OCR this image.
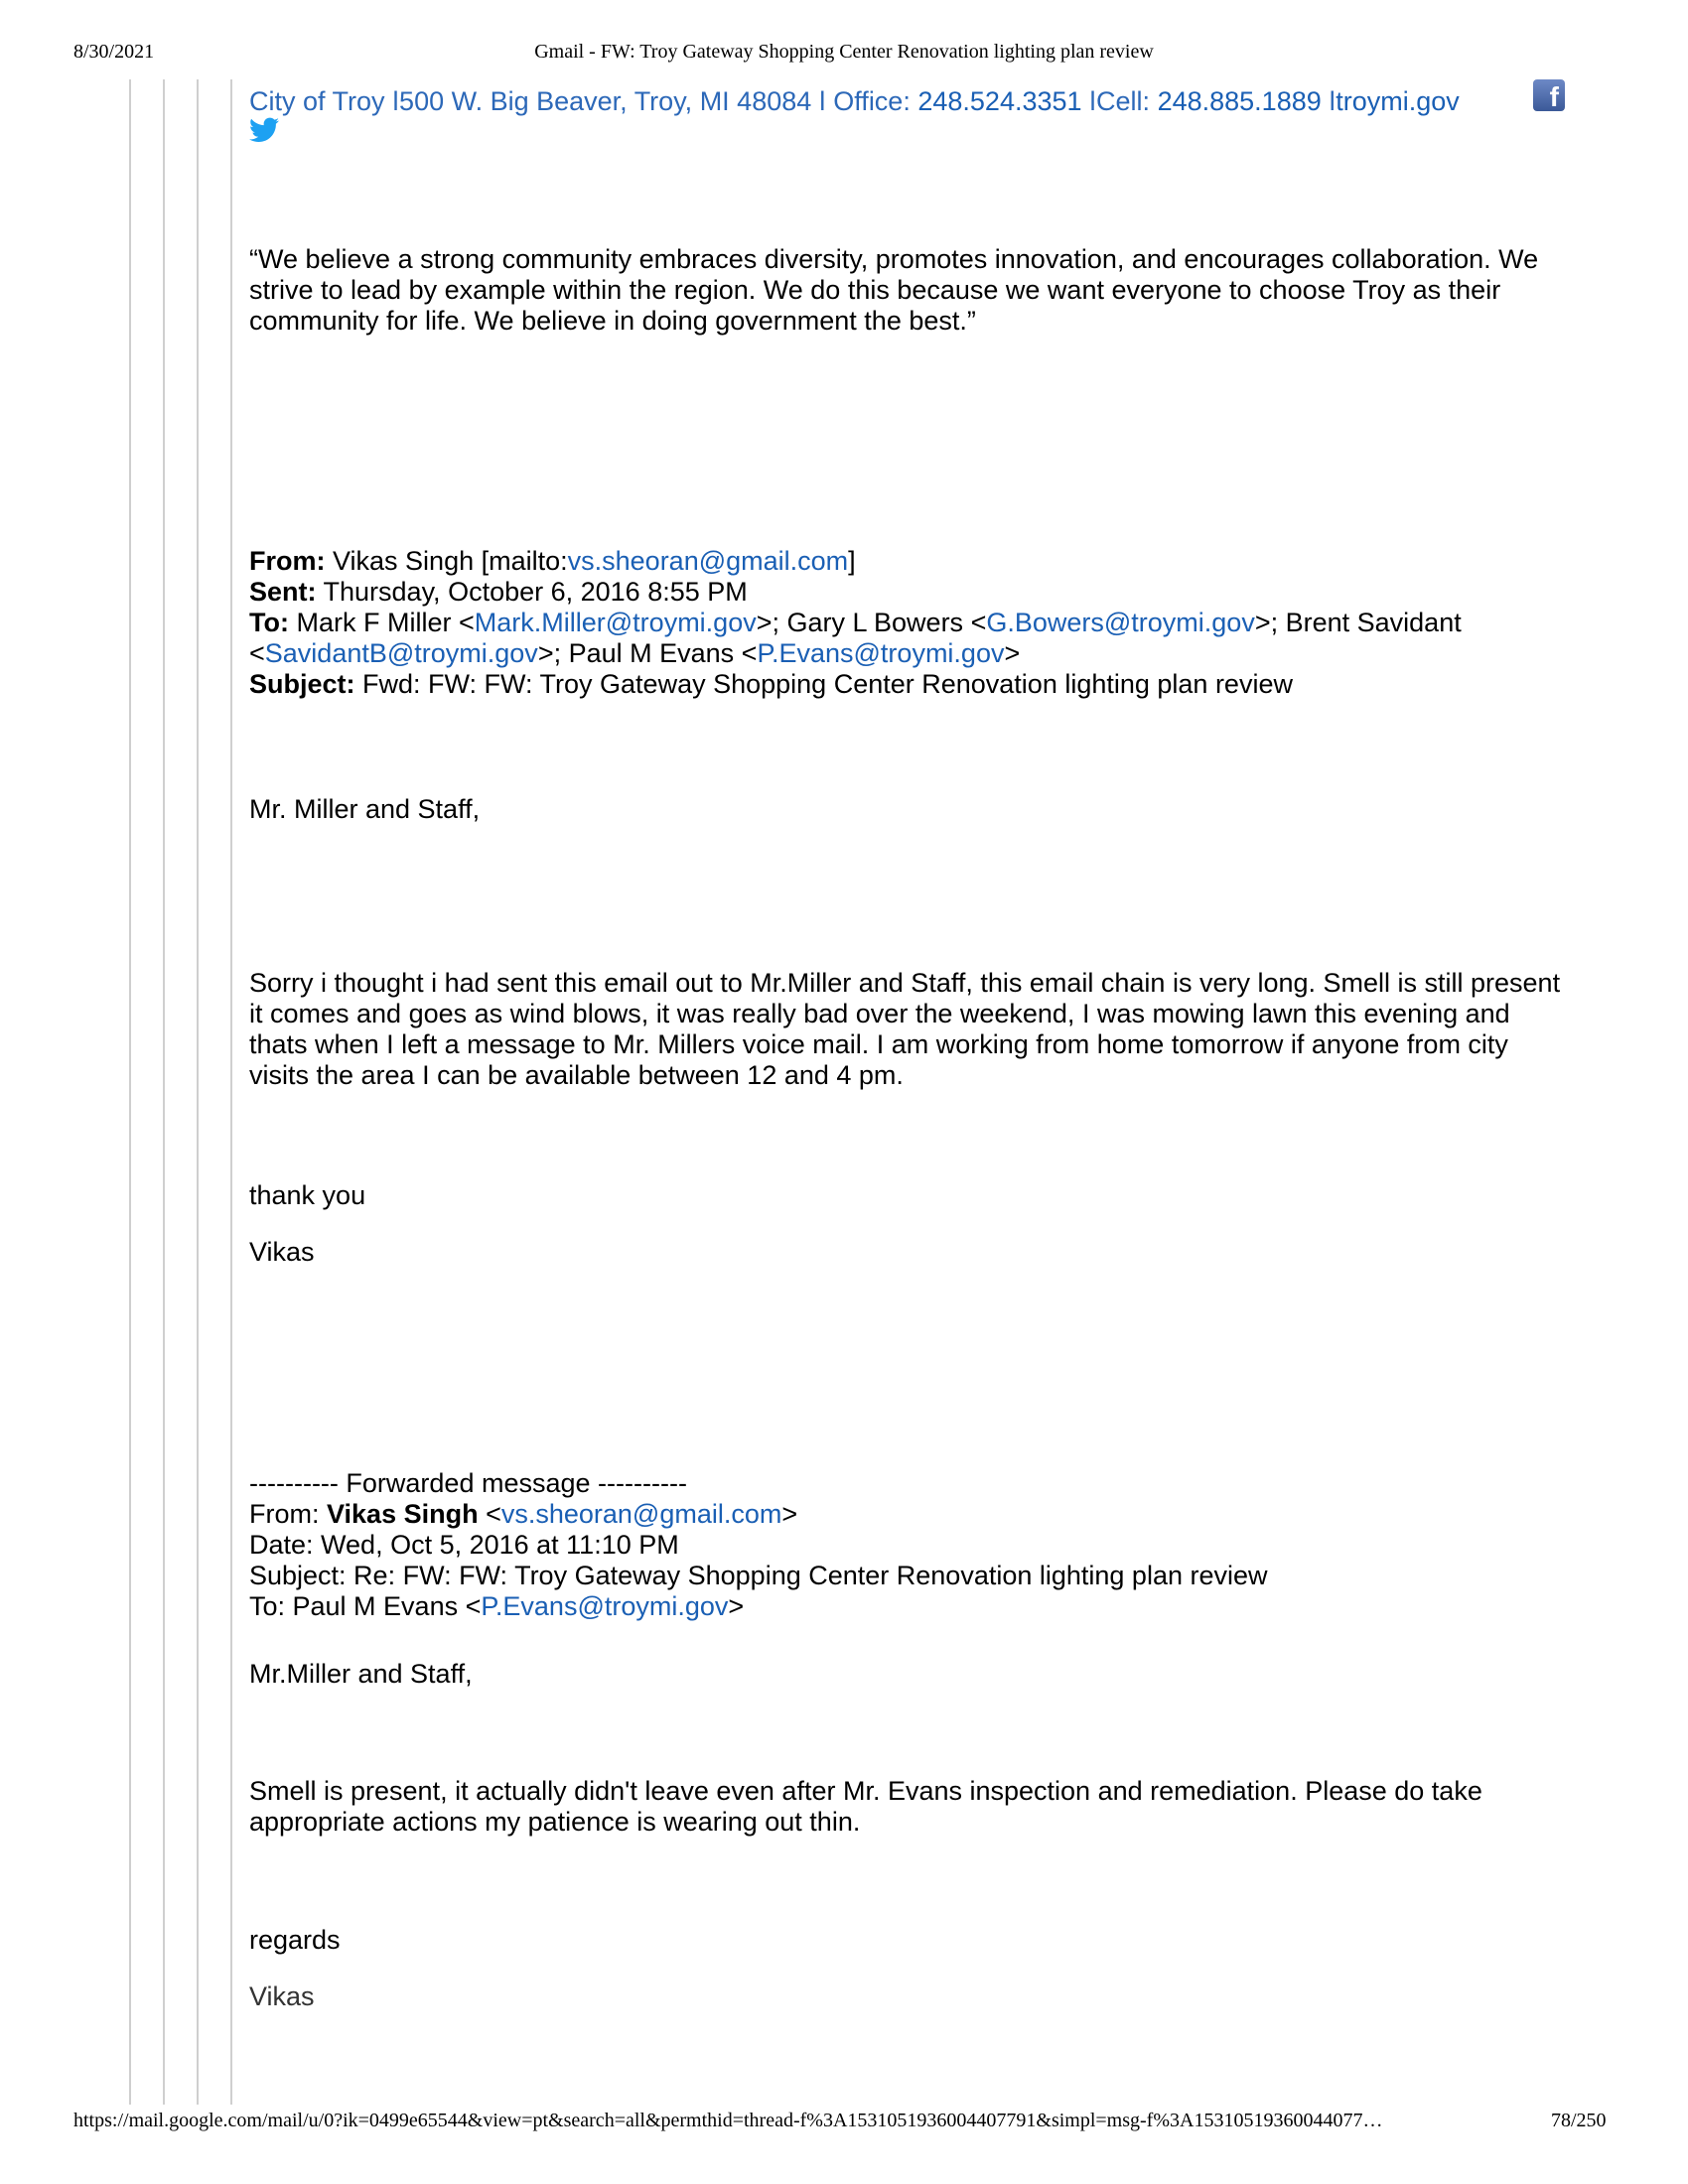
8/30/2021	Gmail - FW: Troy Gateway Shopping Center Renovation lighting plan review
City of Troy ǀ500 W. Big Beaver, Troy, MI 48084 ǀ Office: 248.524.3351 ǀCell: 248.885.1889 ǀtroymi.gov	f
“We believe a strong community embraces diversity, promotes innovation, and encourages collaboration. We strive to lead by example within the region. We do this because we want everyone to choose Troy as their community for life. We believe in doing government the best.”
From: Vikas Singh [mailto:vs.sheoran@gmail.com]
Sent: Thursday, October 6, 2016 8:55 PM
To: Mark F Miller <Mark.Miller@troymi.gov>; Gary L Bowers <G.Bowers@troymi.gov>; Brent Savidant <SavidantB@troymi.gov>; Paul M Evans <P.Evans@troymi.gov>
Subject: Fwd: FW: FW: Troy Gateway Shopping Center Renovation lighting plan review
Mr. Miller and Staff,
Sorry i thought i had sent this email out to Mr.Miller and Staff, this email chain is very long. Smell is still present it comes and goes as wind blows, it was really bad over the weekend, I was mowing lawn this evening and thats when I left a message to Mr. Millers voice mail. I am working from home tomorrow if anyone from city visits the area I can be available between 12 and 4 pm.
thank you
Vikas
---------- Forwarded message ----------
From: Vikas Singh <vs.sheoran@gmail.com>
Date: Wed, Oct 5, 2016 at 11:10 PM
Subject: Re: FW: FW: Troy Gateway Shopping Center Renovation lighting plan review
To: Paul M Evans <P.Evans@troymi.gov>
Mr.Miller and Staff,
Smell is present, it actually didn't leave even after Mr. Evans inspection and remediation. Please do take appropriate actions my patience is wearing out thin.
regards
Vikas
https://mail.google.com/mail/u/0?ik=0499e65544&view=pt&search=all&permthid=thread-f%3A1531051936004407791&simpl=msg-f%3A15310519360044077…	78/250
